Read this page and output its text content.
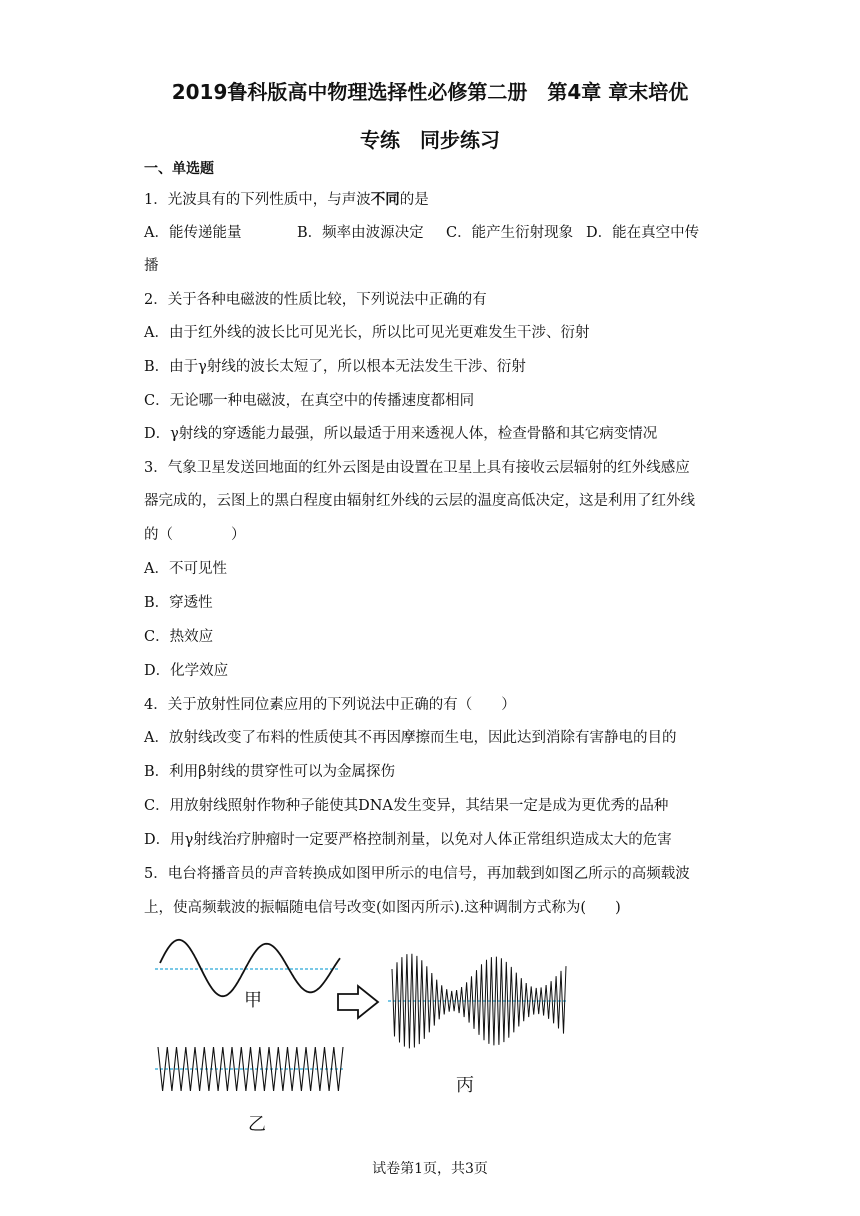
2019鲁科版高中物理选择性必修第二册　第4章 章末培优
专练　同步练习
一、单选题
1．光波具有的下列性质中，与声波不同的是
A．能传递能量	B．频率由波源决定 C．能产生衍射现象 D．能在真空中传
播
2．关于各种电磁波的性质比较，下列说法中正确的有
A．由于红外线的波长比可见光长，所以比可见光更难发生干涉、衍射
B．由于γ射线的波长太短了，所以根本无法发生干涉、衍射
C．无论哪一种电磁波，在真空中的传播速度都相同
D．γ射线的穿透能力最强，所以最适于用来透视人体，检查骨骼和其它病变情况
3．气象卫星发送回地面的红外云图是由设置在卫星上具有接收云层辐射的红外线感应
器完成的，云图上的黑白程度由辐射红外线的云层的温度高低决定，这是利用了红外线
的（　　　　）
A．不可见性
B．穿透性
C．热效应
D．化学效应
4．关于放射性同位素应用的下列说法中正确的有（　　）
A．放射线改变了布料的性质使其不再因摩擦而生电，因此达到消除有害静电的目的
B．利用β射线的贯穿性可以为金属探伤
C．用放射线照射作物种子能使其DNA发生变异，其结果一定是成为更优秀的品种
D．用γ射线治疗肿瘤时一定要严格控制剂量，以免对人体正常组织造成太大的危害
5．电台将播音员的声音转换成如图甲所示的电信号，再加载到如图乙所示的高频载波
上，使高频载波的振幅随电信号改变(如图丙所示).这种调制方式称为(　　)
甲
乙
丙
试卷第1页，共3页
